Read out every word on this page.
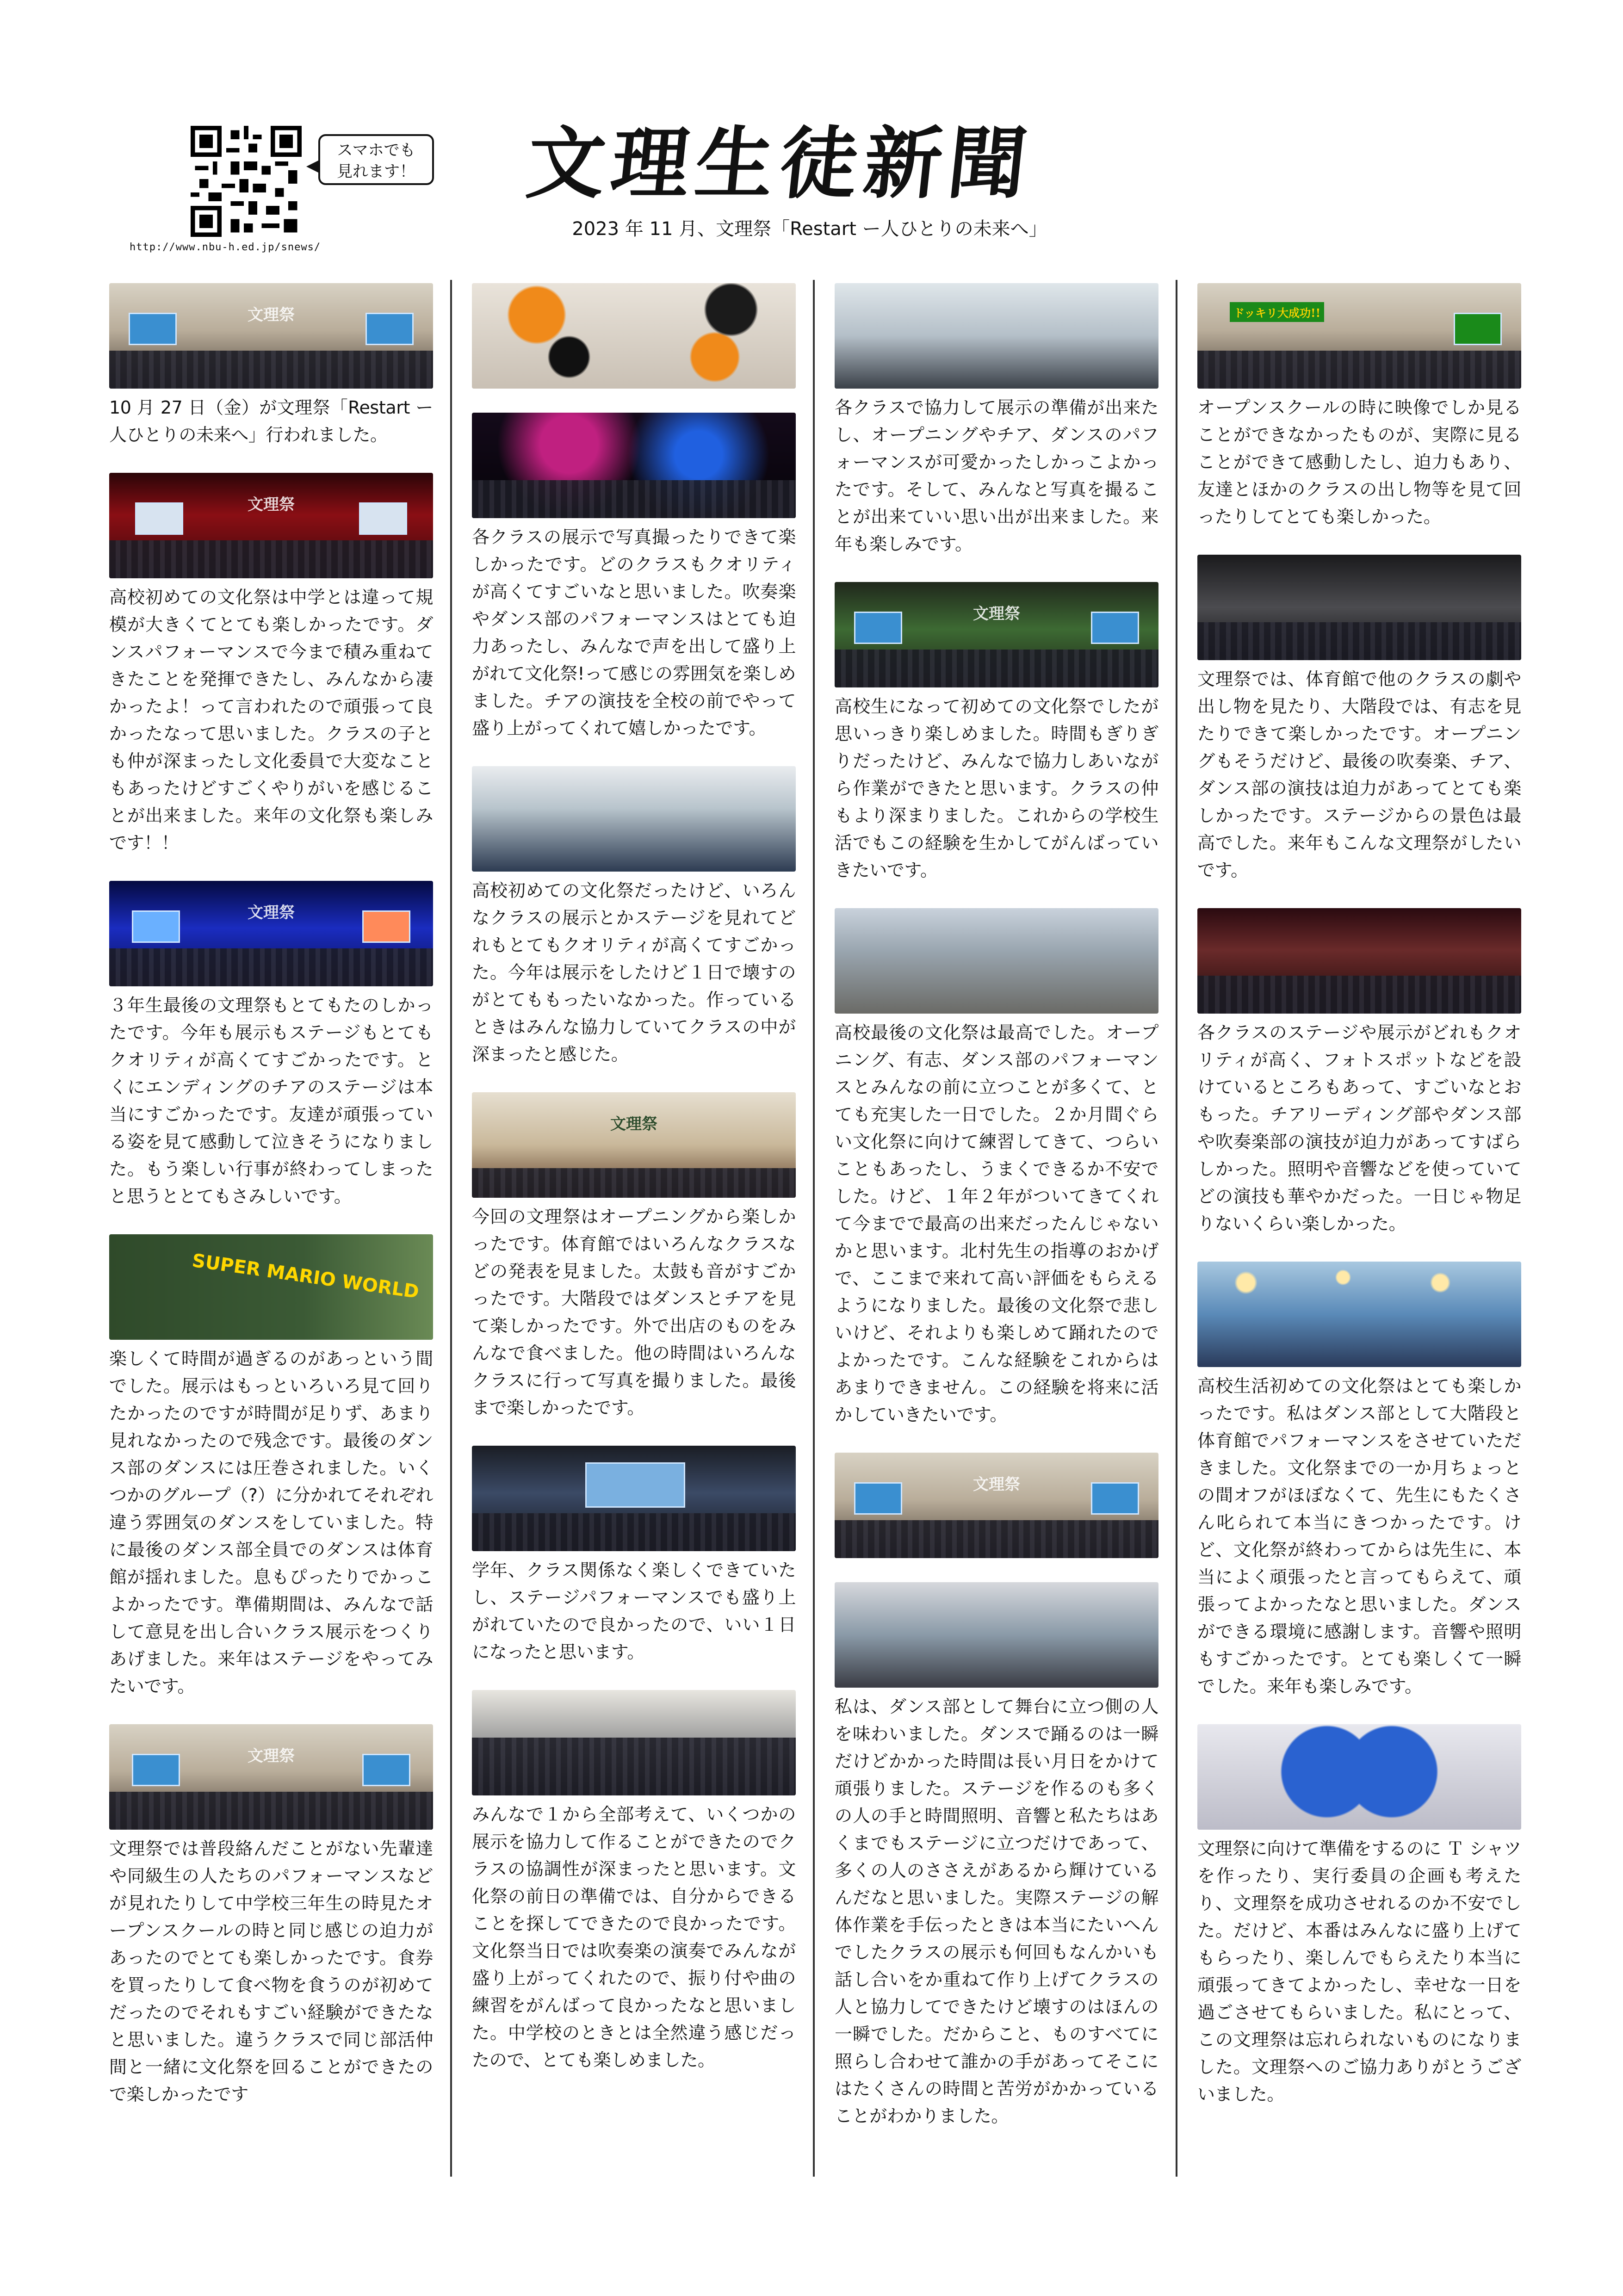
http://www.nbu-h.ed.jp/snews/
スマホでも
見れます！ 文理生徒新聞
2023 年 11 月、文理祭「Restart ー人ひとりの未来へ」
文理祭
10 月 27 日（金）が文理祭「Restart ー人ひとりの未来へ」行われました。
文理祭
高校初めての文化祭は中学とは違って規模が大きくてとても楽しかったです。ダンスパフォーマンスで今まで積み重ねてきたことを発揮できたし、みんなから凄かったよ！って言われたので頑張って良かったなって思いました。クラスの子とも仲が深まったし文化委員で大変なこともあったけどすごくやりがいを感じることが出来ました。来年の文化祭も楽しみです！！
文理祭
３年生最後の文理祭もとてもたのしかったです。今年も展示もステージもとてもクオリティが高くてすごかったです。とくにエンディングのチアのステージは本当にすごかったです。友達が頑張っている姿を見て感動して泣きそうになりました。もう楽しい行事が終わってしまったと思うととてもさみしいです。
SUPER MARIO WORLD
楽しくて時間が過ぎるのがあっという間でした。展示はもっといろいろ見て回りたかったのですが時間が足りず、あまり見れなかったので残念です。最後のダンス部のダンスには圧巻されました。いくつかのグループ（?）に分かれてそれぞれ違う雰囲気のダンスをしていました。特に最後のダンス部全員でのダンスは体育館が揺れました。息もぴったりでかっこよかったです。準備期間は、みんなで話して意見を出し合いクラス展示をつくりあげました。来年はステージをやってみたいです。
文理祭
文理祭では普段絡んだことがない先輩達や同級生の人たちのパフォーマンスなどが見れたりして中学校三年生の時見たオープンスクールの時と同じ感じの迫力があったのでとても楽しかったです。食券を買ったりして食べ物を食うのが初めてだったのでそれもすごい経験ができたなと思いました。違うクラスで同じ部活仲間と一緒に文化祭を回ることができたので楽しかったです
各クラスの展示で写真撮ったりできて楽しかったです。どのクラスもクオリティが高くてすごいなと思いました。吹奏楽やダンス部のパフォーマンスはとても迫力あったし、みんなで声を出して盛り上がれて文化祭!って感じの雰囲気を楽しめました。チアの演技を全校の前でやって盛り上がってくれて嬉しかったです。
高校初めての文化祭だったけど、いろんなクラスの展示とかステージを見れてどれもとてもクオリティが高くてすごかった。今年は展示をしたけど１日で壊すのがとてももったいなかった。作っているときはみんな協力していてクラスの中が深まったと感じた。
文理祭
今回の文理祭はオープニングから楽しかったです。体育館ではいろんなクラスなどの発表を見ました。太鼓も音がすごかったです。大階段ではダンスとチアを見て楽しかったです。外で出店のものをみんなで食べました。他の時間はいろんなクラスに行って写真を撮りました。最後まで楽しかったです。
学年、クラス関係なく楽しくできていたし、ステージパフォーマンスでも盛り上がれていたので良かったので、いい１日になったと思います。
みんなで１から全部考えて、いくつかの展示を協力して作ることができたのでクラスの協調性が深まったと思います。文化祭の前日の準備では、自分からできることを探してできたので良かったです。文化祭当日では吹奏楽の演奏でみんなが盛り上がってくれたので、振り付や曲の練習をがんばって良かったなと思いました。中学校のときとは全然違う感じだったので、とても楽しめました。
各クラスで協力して展示の準備が出来たし、オープニングやチア、ダンスのパフォーマンスが可愛かったしかっこよかったです。そして、みんなと写真を撮ることが出来ていい思い出が出来ました。来年も楽しみです。
文理祭
高校生になって初めての文化祭でしたが思いっきり楽しめました。時間もぎりぎりだったけど、みんなで協力しあいながら作業ができたと思います。クラスの仲もより深まりました。これからの学校生活でもこの経験を生かしてがんばっていきたいです。
高校最後の文化祭は最高でした。オープニング、有志、ダンス部のパフォーマンスとみんなの前に立つことが多くて、とても充実した一日でした。２か月間ぐらい文化祭に向けて練習してきて、つらいこともあったし、うまくできるか不安でした。けど、１年２年がついてきてくれて今までで最高の出来だったんじゃないかと思います。北村先生の指導のおかげで、ここまで来れて高い評価をもらえるようになりました。最後の文化祭で悲しいけど、それよりも楽しめて踊れたのでよかったです。こんな経験をこれからはあまりできません。この経験を将来に活かしていきたいです。
文理祭
私は、ダンス部として舞台に立つ側の人を味わいました。ダンスで踊るのは一瞬だけどかかった時間は長い月日をかけて頑張りました。ステージを作るのも多くの人の手と時間照明、音響と私たちはあくまでもステージに立つだけであって、多くの人のささえがあるから輝けているんだなと思いました。実際ステージの解体作業を手伝ったときは本当にたいへんでしたクラスの展示も何回もなんかいも話し合いをか重ねて作り上げてクラスの人と協力してできたけど壊すのはほんの一瞬でした。だからこと、ものすべてに照らし合わせて誰かの手があってそこにはたくさんの時間と苦労がかかっていることがわかりました。
ドッキリ大成功!!
オープンスクールの時に映像でしか見ることができなかったものが、実際に見ることができて感動したし、迫力もあり、友達とほかのクラスの出し物等を見て回ったりしてとても楽しかった。
文理祭では、体育館で他のクラスの劇や出し物を見たり、大階段では、有志を見たりできて楽しかったです。オープニングもそうだけど、最後の吹奏楽、チア、ダンス部の演技は迫力があってとても楽しかったです。ステージからの景色は最高でした。来年もこんな文理祭がしたいです。
各クラスのステージや展示がどれもクオリティが高く、フォトスポットなどを設けているところもあって、すごいなとおもった。チアリーディング部やダンス部や吹奏楽部の演技が迫力があってすばらしかった。照明や音響などを使っていてどの演技も華やかだった。一日じゃ物足りないくらい楽しかった。
高校生活初めての文化祭はとても楽しかったです。私はダンス部として大階段と体育館でパフォーマンスをさせていただきました。文化祭までの一か月ちょっとの間オフがほぼなくて、先生にもたくさん叱られて本当にきつかったです。けど、文化祭が終わってからは先生に、本当によく頑張ったと言ってもらえて、頑張ってよかったなと思いました。ダンスができる環境に感謝します。音響や照明もすごかったです。とても楽しくて一瞬でした。来年も楽しみです。
文理祭に向けて準備をするのに Ｔ シャツを作ったり、実行委員の企画も考えたり、文理祭を成功させれるのか不安でした。だけど、本番はみんなに盛り上げてもらったり、楽しんでもらえたり本当に頑張ってきてよかったし、幸せな一日を過ごさせてもらいました。私にとって、この文理祭は忘れられないものになりました。文理祭へのご協力ありがとうございました。
